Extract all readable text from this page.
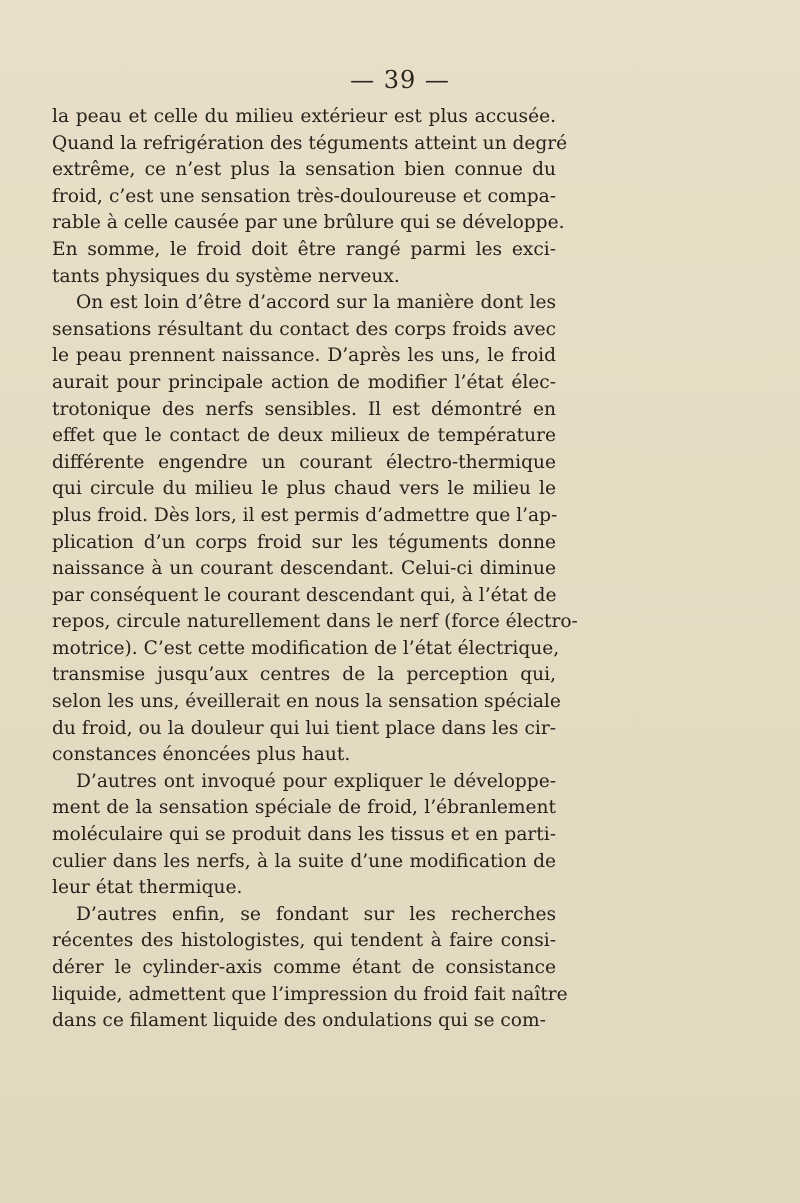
— 39 —

la peau et celle du milieu extérieur est plus accusée.
Quand la refrigération des téguments atteint un degré
extrême, ce n’est plus la sensation bien connue du
froid, c’est une sensation très-douloureuse et compa-
rable à celle causée par une brûlure qui se développe.
En somme, le froid doit être rangé parmi les exci-
tants physiques du système nerveux.

On est loin d’être d’accord sur la manière dont les
sensations résultant du contact des corps froids avec
le peau prennent naissance. D’après les uns, le froid
aurait pour principale action de modifier l’état élec-
trotonique des nerfs sensibles. Il est démontré en
effet que le contact de deux milieux de température
différente engendre un courant électro-thermique
qui circule du milieu le plus chaud vers le milieu le
plus froid. Dès lors, il est permis d’admettre que l’ap-
plication d’un corps froid sur les téguments donne
naissance à un courant descendant. Celui-ci diminue
par conséquent le courant descendant qui, à l’état de
repos, circule naturellement dans le nerf (force électro-
motrice). C’est cette modification de l’état électrique,
transmise jusqu’aux centres de la perception qui,
selon les uns, éveillerait en nous la sensation spéciale
du froid, ou la douleur qui lui tient place dans les cir-
constances énoncées plus haut.

D’autres ont invoqué pour expliquer le développe-
ment de la sensation spéciale de froid, l’ébranlement
moléculaire qui se produit dans les tissus et en parti-
culier dans les nerfs, à la suite d’une modification de
leur état thermique.

D’autres enfin, se fondant sur les recherches
récentes des histologistes, qui tendent à faire consi-
dérer le cylinder-axis comme étant de consistance
liquide, admettent que l’impression du froid fait naître
dans ce filament liquide des ondulations qui se com-
